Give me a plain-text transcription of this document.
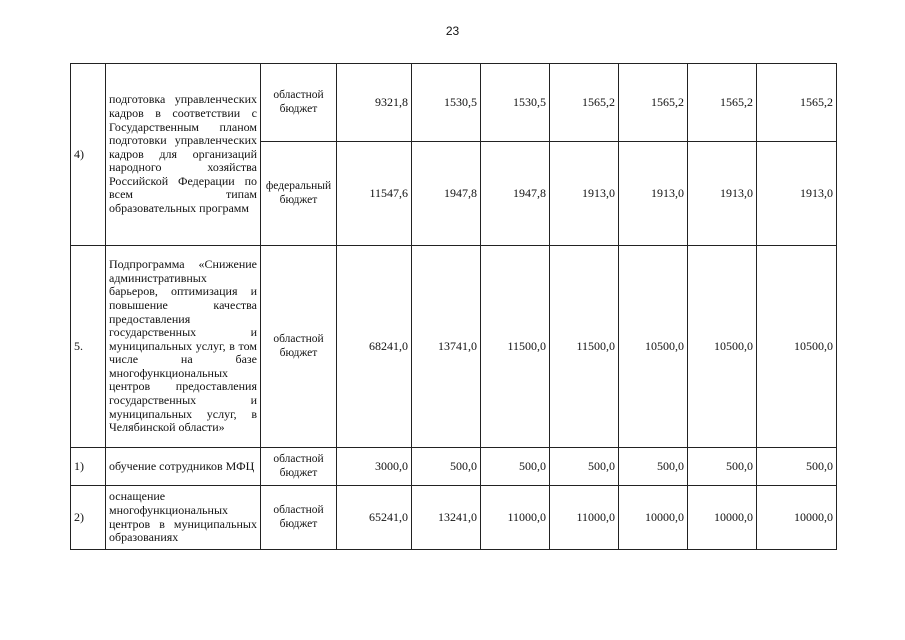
23
4)	подготовка управленческих кадров в соответствии с Государственным планом подготовки управленческих кадров для организаций народного хозяйства Российской Федерации по всем типам образовательных программ	областной бюджет	9321,8	1530,5	1530,5	1565,2	1565,2	1565,2	1565,2
		федеральный бюджет	11547,6	1947,8	1947,8	1913,0	1913,0	1913,0	1913,0
5.	Подпрограмма «Снижение административных барьеров, оптимизация и повышение качества предоставления государственных и муниципальных услуг, в том числе на базе многофункциональных центров предоставления государственных и муниципальных услуг, в Челябинской области»	областной бюджет	68241,0	13741,0	11500,0	11500,0	10500,0	10500,0	10500,0
1)	обучение сотрудников МФЦ	областной бюджет	3000,0	500,0	500,0	500,0	500,0	500,0	500,0
2)	оснащение многофункциональных центров в муниципальных образованиях	областной бюджет	65241,0	13241,0	11000,0	11000,0	10000,0	10000,0	10000,0
